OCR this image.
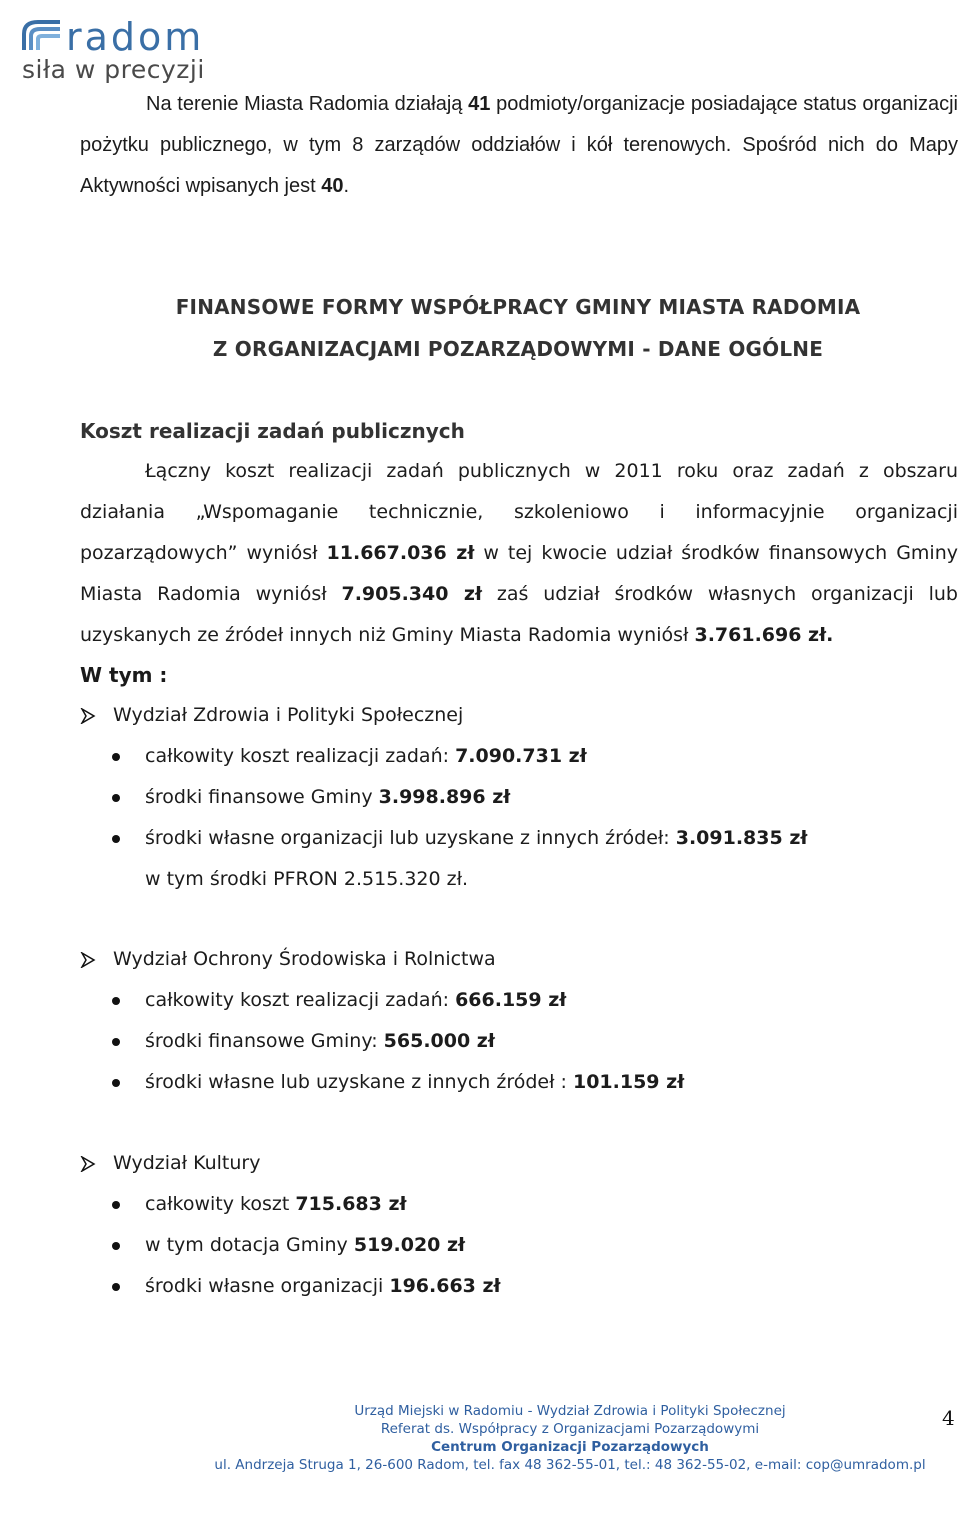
radom
siła w precyzji
Na terenie Miasta Radomia działają 41 podmioty/organizacje posiadające status organizacji pożytku publicznego, w tym 8 zarządów oddziałów i kół terenowych. Spośród nich do Mapy Aktywności wpisanych jest 40.
FINANSOWE FORMY WSPÓŁPRACY GMINY MIASTA RADOMIA
Z ORGANIZACJAMI POZARZĄDOWYMI - DANE OGÓLNE
Koszt realizacji zadań publicznych
Łączny koszt realizacji zadań publicznych w 2011 roku oraz zadań z obszaru działania „Wspomaganie technicznie, szkoleniowo i informacyjnie organizacji pozarządowych” wyniósł 11.667.036 zł w tej kwocie udział środków finansowych Gminy Miasta Radomia wyniósł 7.905.340 zł zaś udział środków własnych organizacji lub uzyskanych ze źródeł innych niż Gminy Miasta Radomia wyniósł 3.761.696 zł.
W tym :
Wydział Zdrowia i Polityki Społecznej
całkowity koszt realizacji zadań: 7.090.731 zł
środki finansowe Gminy 3.998.896 zł
środki własne organizacji lub uzyskane z innych źródeł: 3.091.835 zł
w tym środki PFRON 2.515.320 zł.
Wydział Ochrony Środowiska i Rolnictwa
całkowity koszt realizacji zadań: 666.159 zł
środki finansowe Gminy: 565.000 zł
środki własne lub uzyskane z innych źródeł : 101.159 zł
Wydział Kultury
całkowity koszt 715.683 zł
w tym dotacja Gminy 519.020 zł
środki własne organizacji 196.663 zł
Urząd Miejski w Radomiu - Wydział Zdrowia i Polityki Społecznej
Referat ds. Współpracy z Organizacjami Pozarządowymi
Centrum Organizacji Pozarządowych
ul. Andrzeja Struga 1, 26-600 Radom, tel. fax 48 362-55-01, tel.: 48 362-55-02, e-mail: cop@umradom.pl
4
